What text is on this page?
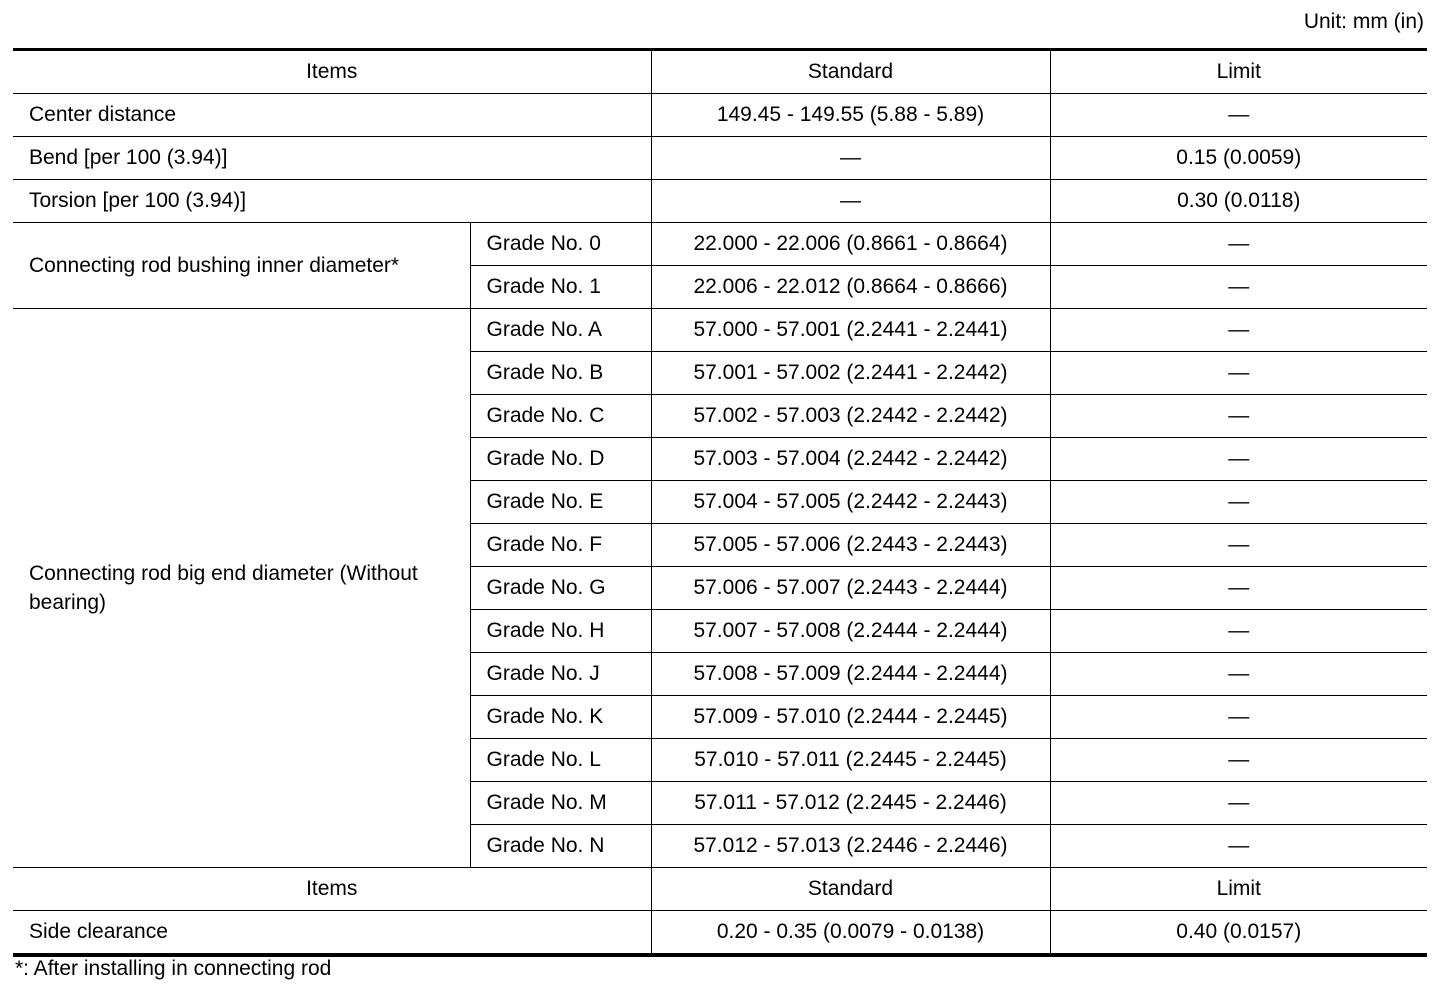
Unit: mm (in)
Items		Standard	Limit
Center distance		149.45 - 149.55 (5.88 - 5.89)	—
Bend [per 100 (3.94)]		—	0.15 (0.0059)
Torsion [per 100 (3.94)]		—	0.30 (0.0118)
Connecting rod bushing inner diameter*	Grade No. 0	22.000 - 22.006 (0.8661 - 0.8664)	—
	Grade No. 1	22.006 - 22.012 (0.8664 - 0.8666)	—
Connecting rod big end diameter (Without bearing)	Grade No. A	57.000 - 57.001 (2.2441 - 2.2441)	—
	Grade No. B	57.001 - 57.002 (2.2441 - 2.2442)	—
	Grade No. C	57.002 - 57.003 (2.2442 - 2.2442)	—
	Grade No. D	57.003 - 57.004 (2.2442 - 2.2442)	—
	Grade No. E	57.004 - 57.005 (2.2442 - 2.2443)	—
	Grade No. F	57.005 - 57.006 (2.2443 - 2.2443)	—
	Grade No. G	57.006 - 57.007 (2.2443 - 2.2444)	—
	Grade No. H	57.007 - 57.008 (2.2444 - 2.2444)	—
	Grade No. J	57.008 - 57.009 (2.2444 - 2.2444)	—
	Grade No. K	57.009 - 57.010 (2.2444 - 2.2445)	—
	Grade No. L	57.010 - 57.011 (2.2445 - 2.2445)	—
	Grade No. M	57.011 - 57.012 (2.2445 - 2.2446)	—
	Grade No. N	57.012 - 57.013 (2.2446 - 2.2446)	—
Items		Standard	Limit
Side clearance		0.20 - 0.35 (0.0079 - 0.0138)	0.40 (0.0157)
*: After installing in connecting rod
